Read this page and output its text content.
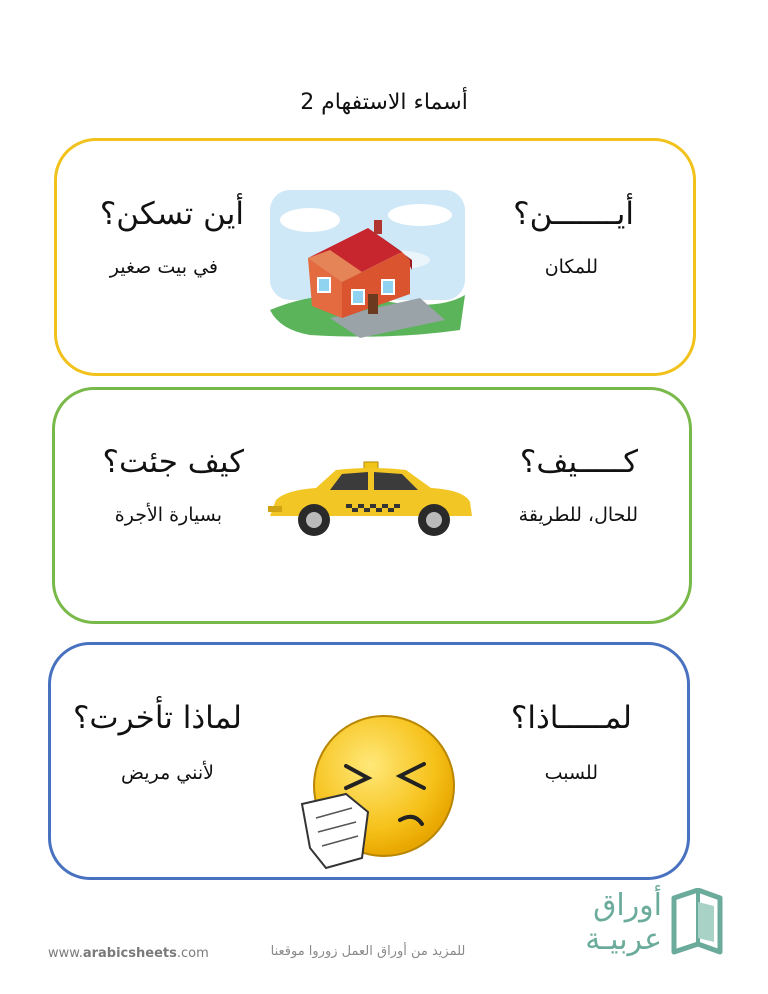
أسماء الاستفهام 2
أيـــــــن؟
للمكان
أين تسكن؟
في بيت صغير
كـــــيف؟
للحال، للطريقة
كيف جئت؟
بسيارة الأجرة
لمـــــاذا؟
للسبب
لماذا تأخرت؟
لأنني مريض
www.arabicsheets.com	للمزيد من أوراق العمل زوروا موقعنا
أوراق
عربيـة
